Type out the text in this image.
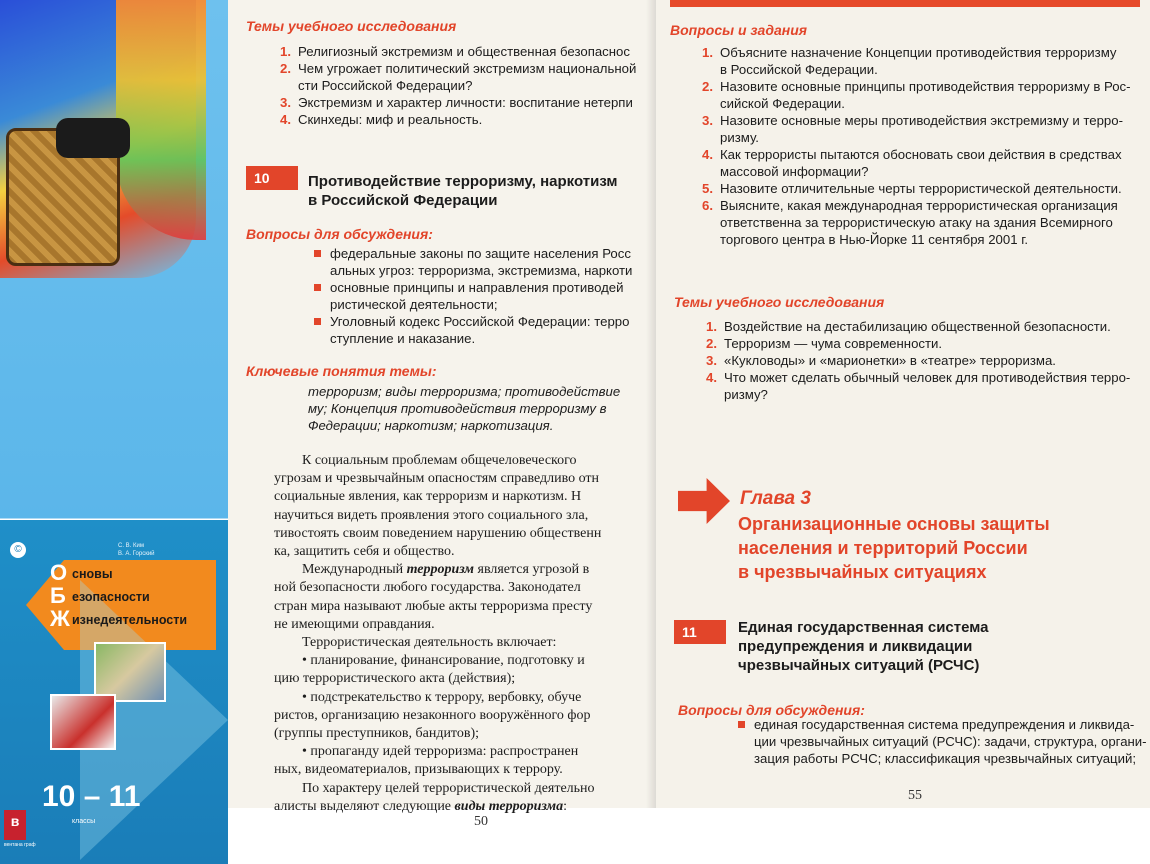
©	С. В. Ким
В. А. Горский
О сновы
Б езопасности
Ж изнедеятельности
10 – 11
классы
в
вентана граф
Темы учебного исследования
1. Религиозный экстремизм и общественная безопаснос
2. Чем угрожает политический экстремизм национальной
сти Российской Федерации?
3. Экстремизм и характер личности: воспитание нетерпи
4. Скинхеды: миф и реальность.
10	Противодействие терроризму, наркотизм
в Российской Федерации
Вопросы для обсуждения:
федеральные законы по защите населения Росс
альных угроз: терроризма, экстремизма, наркоти
основные принципы и направления противодей
ристической деятельности;
Уголовный кодекс Российской Федерации: терро
ступление и наказание.
Ключевые понятия темы:
терроризм; виды терроризма; противодействие
му; Концепция противодействия терроризму в
Федерации; наркотизм; наркотизация.
К социальным проблемам общечеловеческого
угрозам и чрезвычайным опасностям справедливо отн
социальные явления, как терроризм и наркотизм. Н
научиться видеть проявления этого социального зла,
тивостоять своим поведением нарушению общественн
ка, защитить себя и общество.
Международный терроризм является угрозой в
ной безопасности любого государства. Законодател
стран мира называют любые акты терроризма престу
не имеющими оправдания.
Террористическая деятельность включает:
• планирование, финансирование, подготовку и
цию террористического акта (действия);
• подстрекательство к террору, вербовку, обуче
ристов, организацию незаконного вооружённого фор
(группы преступников, бандитов);
• пропаганду идей терроризма: распространен
ных, видеоматериалов, призывающих к террору.
По характеру целей террористической деятельно
алисты выделяют следующие виды терроризма:
50
Вопросы и задания
1. Объясните назначение Концепции противодействия терроризму
в Российской Федерации.
2. Назовите основные принципы противодействия терроризму в Рос-
сийской Федерации.
3. Назовите основные меры противодействия экстремизму и терро-
ризму.
4. Как террористы пытаются обосновать свои действия в средствах
массовой информации?
5. Назовите отличительные черты террористической деятельности.
6. Выясните, какая международная террористическая организация
ответственна за террористическую атаку на здания Всемирного
торгового центра в Нью-Йорке 11 сентября 2001 г.
Темы учебного исследования
1. Воздействие на дестабилизацию общественной безопасности.
2. Терроризм — чума современности.
3. «Кукловоды» и «марионетки» в «театре» терроризма.
4. Что может сделать обычный человек для противодействия терро-
ризму?
Глава 3
Организационные основы защиты
населения и территорий России
в чрезвычайных ситуациях
11	Единая государственная система
предупреждения и ликвидации
чрезвычайных ситуаций (РСЧС)
Вопросы для обсуждения:
единая государственная система предупреждения и ликвида-
ции чрезвычайных ситуаций (РСЧС): задачи, структура, органи-
зация работы РСЧС; классификация чрезвычайных ситуаций;
55
